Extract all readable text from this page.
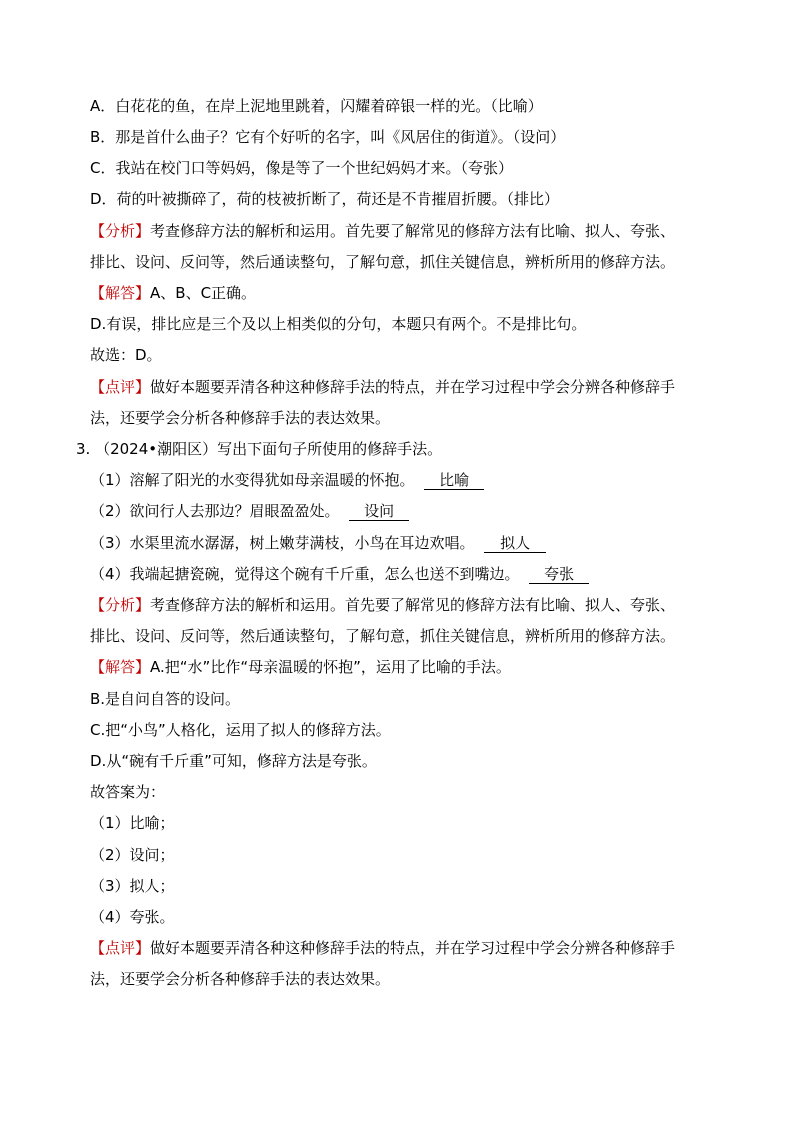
A．白花花的鱼，在岸上泥地里跳着，闪耀着碎银一样的光。（比喻）
B．那是首什么曲子？它有个好听的名字，叫《风居住的街道》。（设问）
C．我站在校门口等妈妈，像是等了一个世纪妈妈才来。（夸张）
D．荷的叶被撕碎了，荷的枝被折断了，荷还是不肯摧眉折腰。（排比）
【分析】考查修辞方法的解析和运用。首先要了解常见的修辞方法有比喻、拟人、夸张、
排比、设问、反问等，然后通读整句，了解句意，抓住关键信息，辨析所用的修辞方法。
【解答】A、B、C正确。
D.有误，排比应是三个及以上相类似的分句，本题只有两个。不是排比句。
故选：D。
【点评】做好本题要弄清各种这种修辞手法的特点，并在学习过程中学会分辨各种修辞手
法，还要学会分析各种修辞手法的表达效果。
3. （2024•潮阳区）写出下面句子所使用的修辞手法。
（1）溶解了阳光的水变得犹如母亲温暖的怀抱。 比喻
（2）欲问行人去那边？眉眼盈盈处。 设问
（3）水渠里流水潺潺，树上嫩芽满枝，小鸟在耳边欢唱。 拟人
（4）我端起搪瓷碗，觉得这个碗有千斤重，怎么也送不到嘴边。 夸张
【分析】考查修辞方法的解析和运用。首先要了解常见的修辞方法有比喻、拟人、夸张、
排比、设问、反问等，然后通读整句，了解句意，抓住关键信息，辨析所用的修辞方法。
【解答】A.把“水”比作“母亲温暖的怀抱”，运用了比喻的手法。
B.是自问自答的设问。
C.把“小鸟”人格化，运用了拟人的修辞方法。
D.从“碗有千斤重”可知，修辞方法是夸张。
故答案为：
（1）比喻；
（2）设问；
（3）拟人；
（4）夸张。
【点评】做好本题要弄清各种这种修辞手法的特点，并在学习过程中学会分辨各种修辞手
法，还要学会分析各种修辞手法的表达效果。
